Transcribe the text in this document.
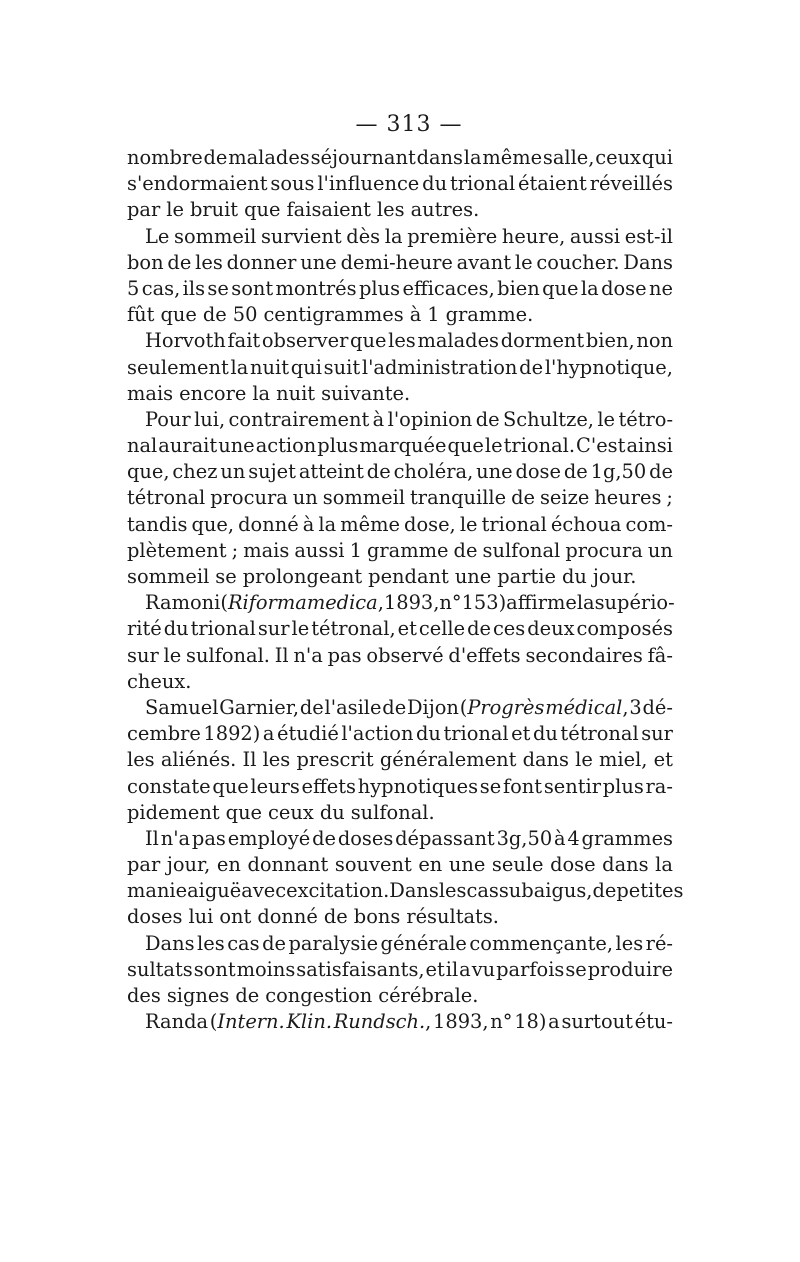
— 313 —
nombre de malades séjournant dans la même salle, ceux qui
s'endormaient sous l'influence du trional étaient réveillés
par le bruit que faisaient les autres.
Le sommeil survient dès la première heure, aussi est-il
bon de les donner une demi-heure avant le coucher. Dans
5 cas, ils se sont montrés plus efficaces, bien que la dose ne
fût que de 50 centigrammes à 1 gramme.
Horvoth fait observer que les malades dorment bien, non
seulement la nuit qui suit l'administration de l'hypnotique,
mais encore la nuit suivante.
Pour lui, contrairement à l'opinion de Schultze, le tétro-
nal aurait une action plus marquée que le trional. C'est ainsi
que, chez un sujet atteint de choléra, une dose de 1g,50 de
tétronal procura un sommeil tranquille de seize heures ;
tandis que, donné à la même dose, le trional échoua com-
plètement ; mais aussi 1 gramme de sulfonal procura un
sommeil se prolongeant pendant une partie du jour.
Ramoni (Riforma medica, 1893, n° 153) affirme la supério-
rité du trional sur le tétronal, et celle de ces deux composés
sur le sulfonal. Il n'a pas observé d'effets secondaires fâ-
cheux.
Samuel Garnier, de l'asile de Dijon (Progrès médical, 3 dé-
cembre 1892) a étudié l'action du trional et du tétronal sur
les aliénés. Il les prescrit généralement dans le miel, et
constate que leurs effets hypnotiques se font sentir plus ra-
pidement que ceux du sulfonal.
Il n'a pas employé de doses dépassant 3g,50 à 4 grammes
par jour, en donnant souvent en une seule dose dans la
manie aiguë avec excitation. Dans les cas subaigus, de petites
doses lui ont donné de bons résultats.
Dans les cas de paralysie générale commençante, les ré-
sultats sont moins satisfaisants, et il a vu parfois se produire
des signes de congestion cérébrale.
Randa (Intern. Klin. Rundsch., 1893, n° 18) a surtout étu-
